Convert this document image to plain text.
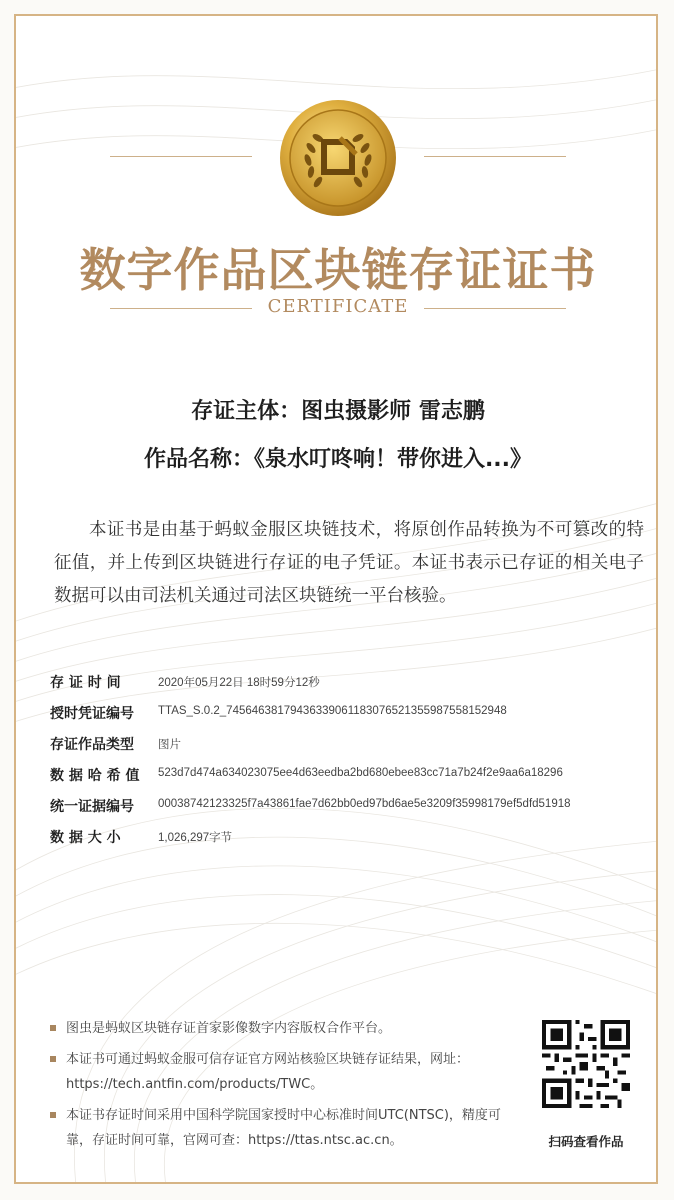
数字作品区块链存证证书
CERTIFICATE
存证主体：图虫摄影师 雷志鹏
作品名称：《泉水叮咚响！带你进入...》
本证书是由基于蚂蚁金服区块链技术，将原创作品转换为不可篡改的特征值，并上传到区块链进行存证的电子凭证。本证书表示已存证的相关电子数据可以由司法机关通过司法区块链统一平台核验。
存 证 时 间	2020年05月22日 18时59分12秒
授时凭证编号 TTAS_S.0.2_74564638179436339061183076521355987558152948
存证作品类型 图片
数 据 哈 希 值 523d7d474a634023075ee4d63eedba2bd680ebee83cc71a7b24f2e9aa6a18296
统一证据编号 00038742123325f7a43861fae7d62bb0ed97bd6ae5e3209f35998179ef5dfd51918
数 据 大 小	1,026,297字节
图虫是蚂蚁区块链存证首家影像数字内容版权合作平台。
本证书可通过蚂蚁金服可信存证官方网站核验区块链存证结果，网址：https://tech.antfin.com/products/TWC。
本证书存证时间采用中国科学院国家授时中心标准时间UTC(NTSC)，精度可靠，存证时间可靠，官网可查：https://ttas.ntsc.ac.cn。	扫码查看作品
